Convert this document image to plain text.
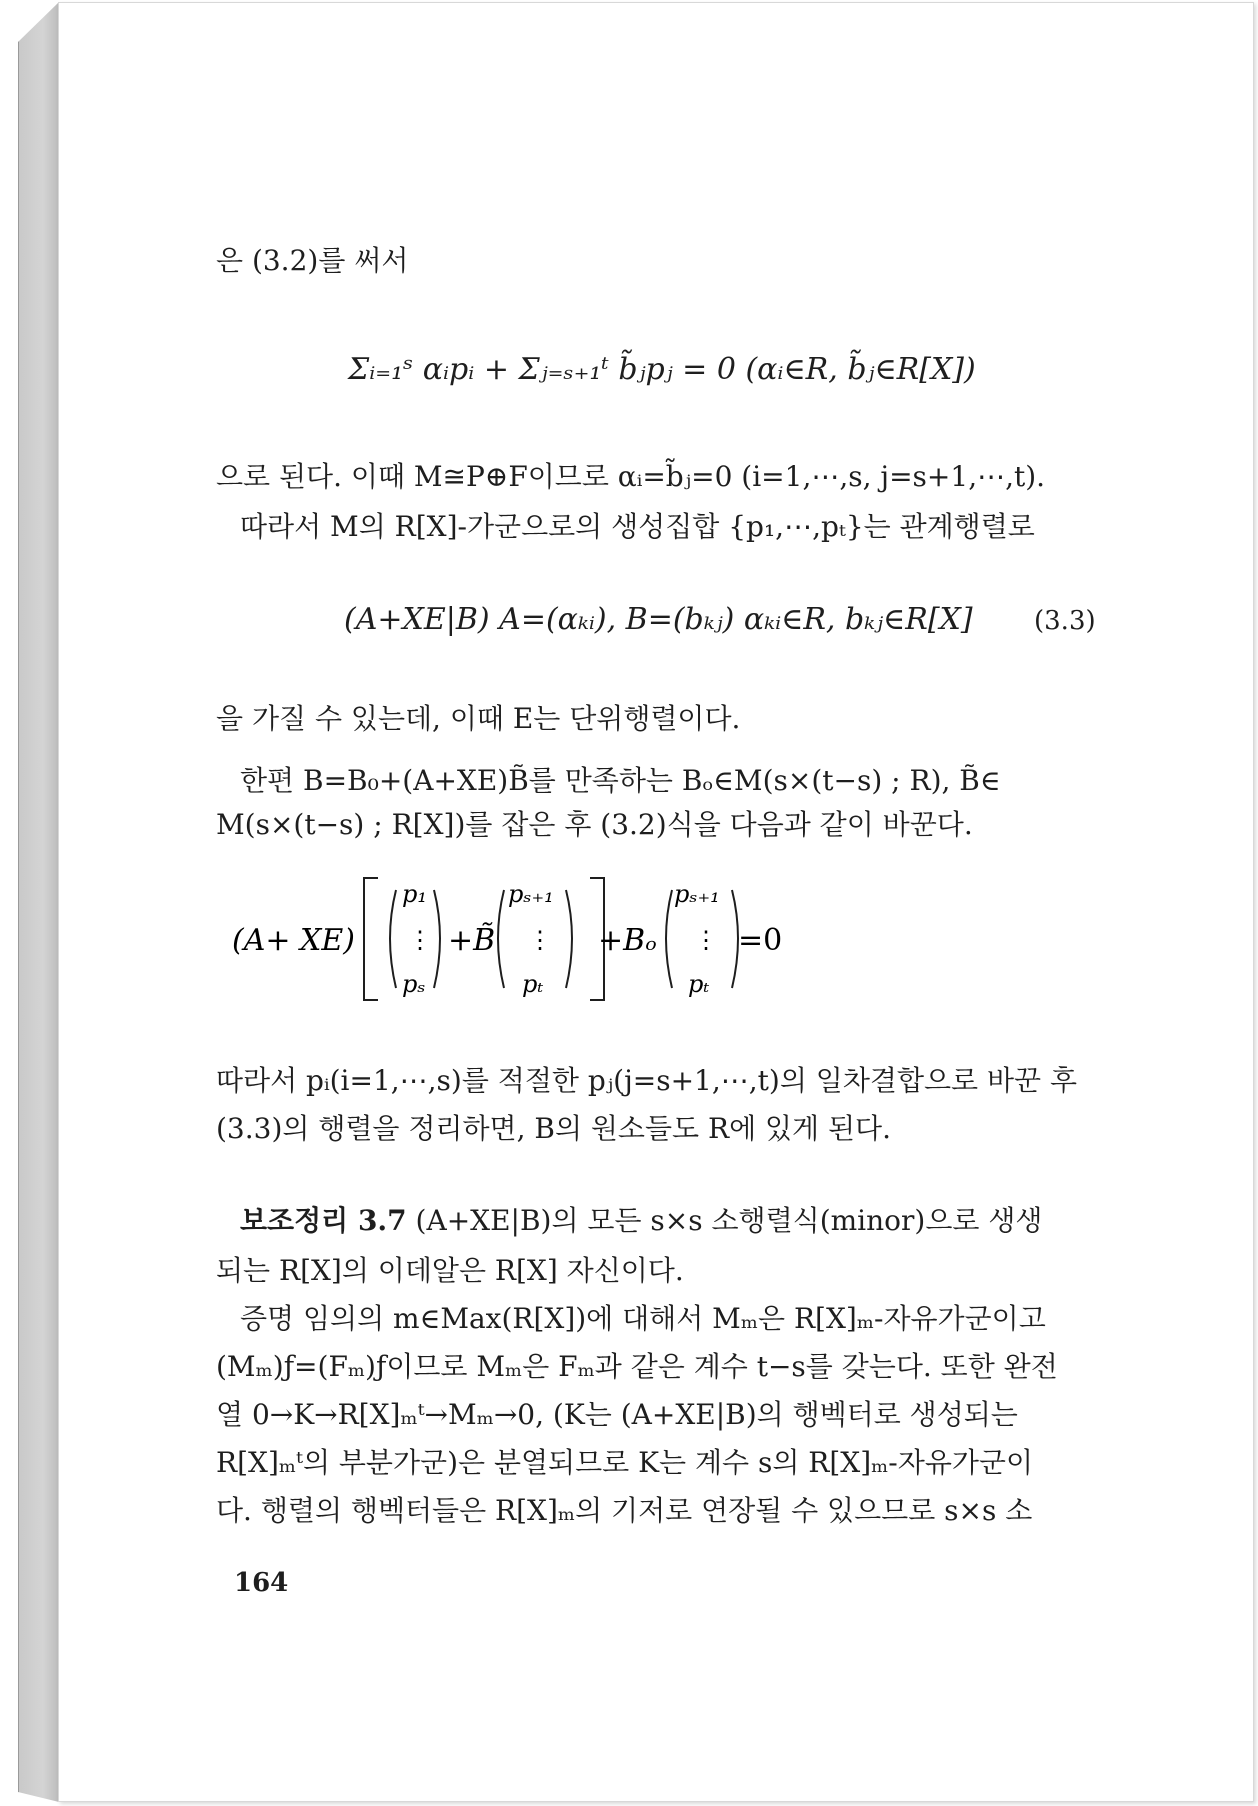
은 (3.2)를 써서
Σᵢ₌₁ˢ αᵢpᵢ + Σⱼ₌ₛ₊₁ᵗ b̃ⱼpⱼ = 0 (αᵢ∈R, b̃ⱼ∈R[X])
으로 된다. 이때 M≅P⊕F이므로 αᵢ=b̃ⱼ=0 (i=1,⋯,s, j=s+1,⋯,t).
따라서 M의 R[X]-가군으로의 생성집합 {p₁,⋯,pₜ}는 관계행렬로
(A+XE|B) A=(αₖᵢ), B=(bₖⱼ) αₖᵢ∈R, bₖⱼ∈R[X] (3.3)
을 가질 수 있는데, 이때 E는 단위행렬이다.
한편 B=B₀+(A+XE)B̃를 만족하는 Bₒ∈M(s×(t−s) ; R), B̃∈
M(s×(t−s) ; R[X])를 잡은 후 (3.2)식을 다음과 같이 바꾼다.
(A+ XE)
p₁
⋮
pₛ
+B̃
pₛ₊₁
⋮
pₜ
+Bₒ
pₛ₊₁
⋮
pₜ
=0
따라서 pᵢ(i=1,⋯,s)를 적절한 pⱼ(j=s+1,⋯,t)의 일차결합으로 바꾼 후
(3.3)의 행렬을 정리하면, B의 원소들도 R에 있게 된다.
보조정리 3.7 (A+XE|B)의 모든 s×s 소행렬식(minor)으로 생생
되는 R[X]의 이데알은 R[X] 자신이다.
증명 임의의 m∈Max(R[X])에 대해서 Mₘ은 R[X]ₘ-자유가군이고
(Mₘ)ƒ=(Fₘ)ƒ이므로 Mₘ은 Fₘ과 같은 계수 t−s를 갖는다. 또한 완전
열 0→K→R[X]ₘᵗ→Mₘ→0, (K는 (A+XE|B)의 행벡터로 생성되는
R[X]ₘᵗ의 부분가군)은 분열되므로 K는 계수 s의 R[X]ₘ-자유가군이
다. 행렬의 행벡터들은 R[X]ₘ의 기저로 연장될 수 있으므로 s×s 소
164
